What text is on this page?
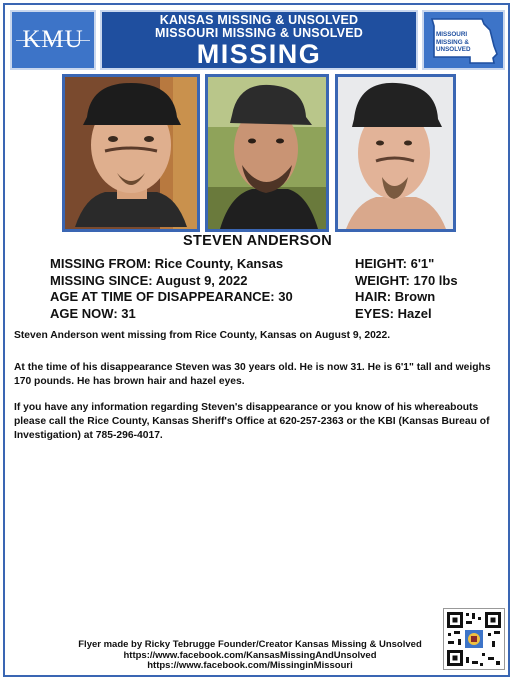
KMU
KANSAS MISSING & UNSOLVED
MISSOURI MISSING & UNSOLVED
MISSING
MISSOURI
MISSING &
UNSOLVED
STEVEN ANDERSON
MISSING FROM: Rice County, Kansas
MISSING SINCE: August 9, 2022
AGE AT TIME OF DISAPPEARANCE: 30
AGE NOW: 31
HEIGHT: 6'1"
WEIGHT: 170 lbs
HAIR: Brown
EYES: Hazel
Steven Anderson went missing from Rice County, Kansas on August 9, 2022.
At the time of his disappearance Steven was 30 years old. He is now 31. He is 6'1" tall and weighs 170 pounds. He has brown hair and hazel eyes.
If you have any information regarding Steven's disappearance or you know of his whereabouts please call the Rice County, Kansas Sheriff's Office at 620-257-2363 or the KBI (Kansas Bureau of Investigation) at 785-296-4017.
Flyer made by Ricky Tebrugge Founder/Creator Kansas Missing & Unsolved
https://www.facebook.com/KansasMissingAndUnsolved
https://www.facebook.com/MissinginMissouri
